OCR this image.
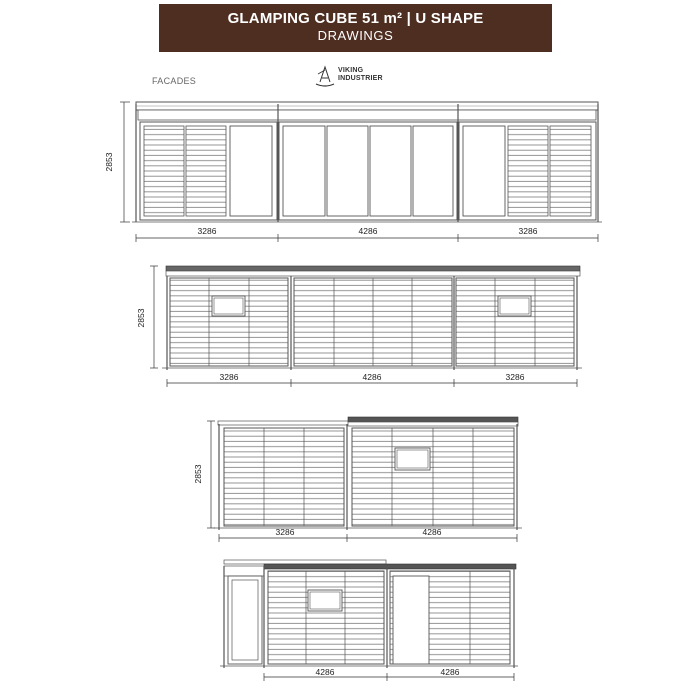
GLAMPING CUBE 51 m² | U SHAPE
DRAWINGS
FACADES
VIKING
INDUSTRIER
2853
3286	4286	3286
2853
3286	4286	3286
2853
3286	4286
4286	4286
